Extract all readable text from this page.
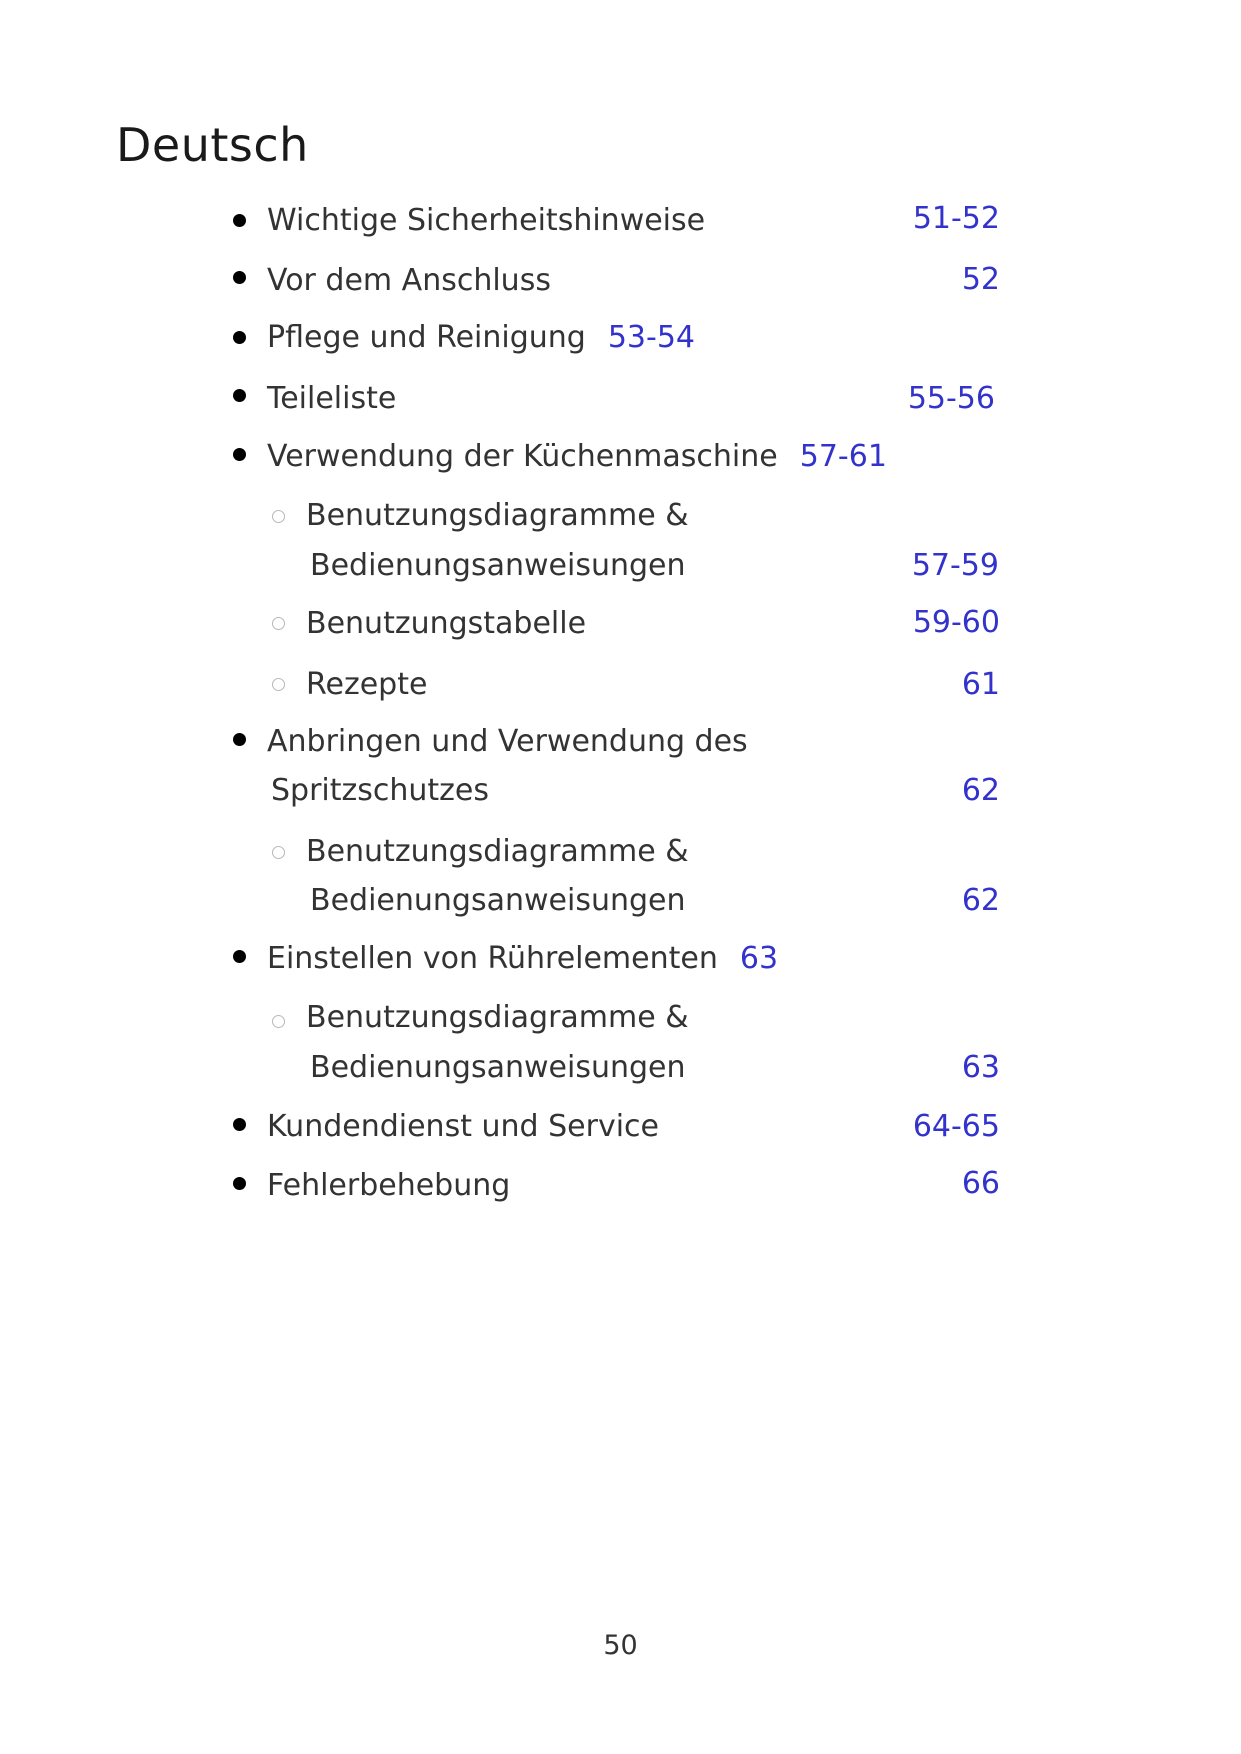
Deutsch
Wichtige Sicherheitshinweise	51-52
Vor dem Anschluss	52
Pflege und Reinigung 53-54
Teileliste	55-56
Verwendung der Küchenmaschine 57-61
Benutzungsdiagramme &
Bedienungsanweisungen	57-59
Benutzungstabelle	59-60
Rezepte	61
Anbringen und Verwendung des
Spritzschutzes	62
Benutzungsdiagramme &
Bedienungsanweisungen	62
Einstellen von Rührelementen 63
Benutzungsdiagramme &
Bedienungsanweisungen	63
Kundendienst und Service	64-65
Fehlerbehebung	66
50
